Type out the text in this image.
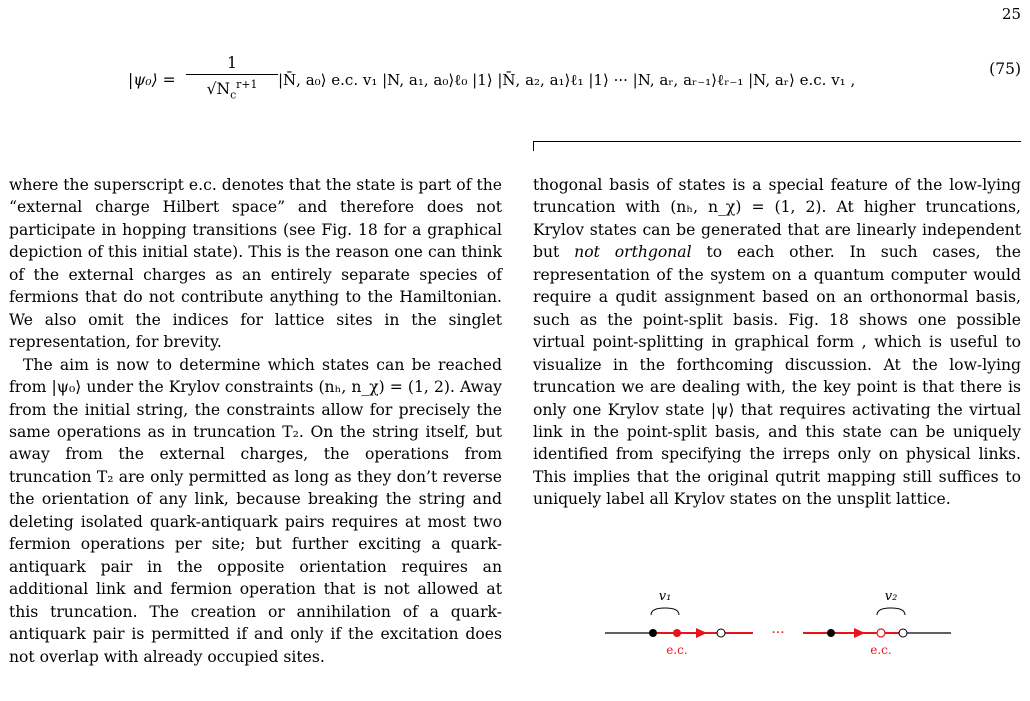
25
|ψ₀⟩ =
1
$√N_c^{r+1}$	|N̄, a₀⟩ e.c. v₁ |N, a₁, a₀⟩ℓ₀ |1⟩ |N̄, a₂, a₁⟩ℓ₁ |1⟩ ··· |N, aᵣ, aᵣ₋₁⟩ℓᵣ₋₁ |N, aᵣ⟩ e.c. v₁ ,
(75)

where the superscript e.c. denotes that the state is part of the “external charge Hilbert space” and therefore does not participate in hopping transitions (see Fig. 18 for a graphical depiction of this initial state). This is the reason one can think of the external charges as an entirely separate species of fermions that do not contribute anything to the Hamiltonian. We also omit the indices for lattice sites in the singlet representation, for brevity.

The aim is now to determine which states can be reached from |ψ₀⟩ under the Krylov constraints (nₕ, n_χ) = (1, 2). Away from the initial string, the constraints allow for precisely the same operations as in truncation T₂. On the string itself, but away from the external charges, the operations from truncation T₂ are only permitted as long as they don’t reverse the orientation of any link, because breaking the string and deleting isolated quark-antiquark pairs requires at most two fermion operations per site; but further exciting a quark-antiquark pair in the opposite orientation requires an additional link and fermion operation that is not allowed at this truncation. The creation or annihilation of a quark-antiquark pair is permitted if and only if the excitation does not overlap with already occupied sites.

thogonal basis of states is a special feature of the low-lying truncation with (nₕ, n_χ) = (1, 2). At higher truncations, Krylov states can be generated that are linearly independent but not orthgonal to each other. In such cases, the representation of the system on a quantum computer would require a qudit assignment based on an orthonormal basis, such as the point-split basis. Fig. 18 shows one possible virtual point-splitting in graphical form , which is useful to visualize in the forthcoming discussion. At the low-lying truncation we are dealing with, the key point is that there is only one Krylov state |ψ⟩ that requires activating the virtual link in the point-split basis, and this state can be uniquely identified from specifying the irreps only on physical links. This implies that the original qutrit mapping still suffices to uniquely label all Krylov states on the unsplit lattice.

v₁	v₂
···
e.c.	e.c.
